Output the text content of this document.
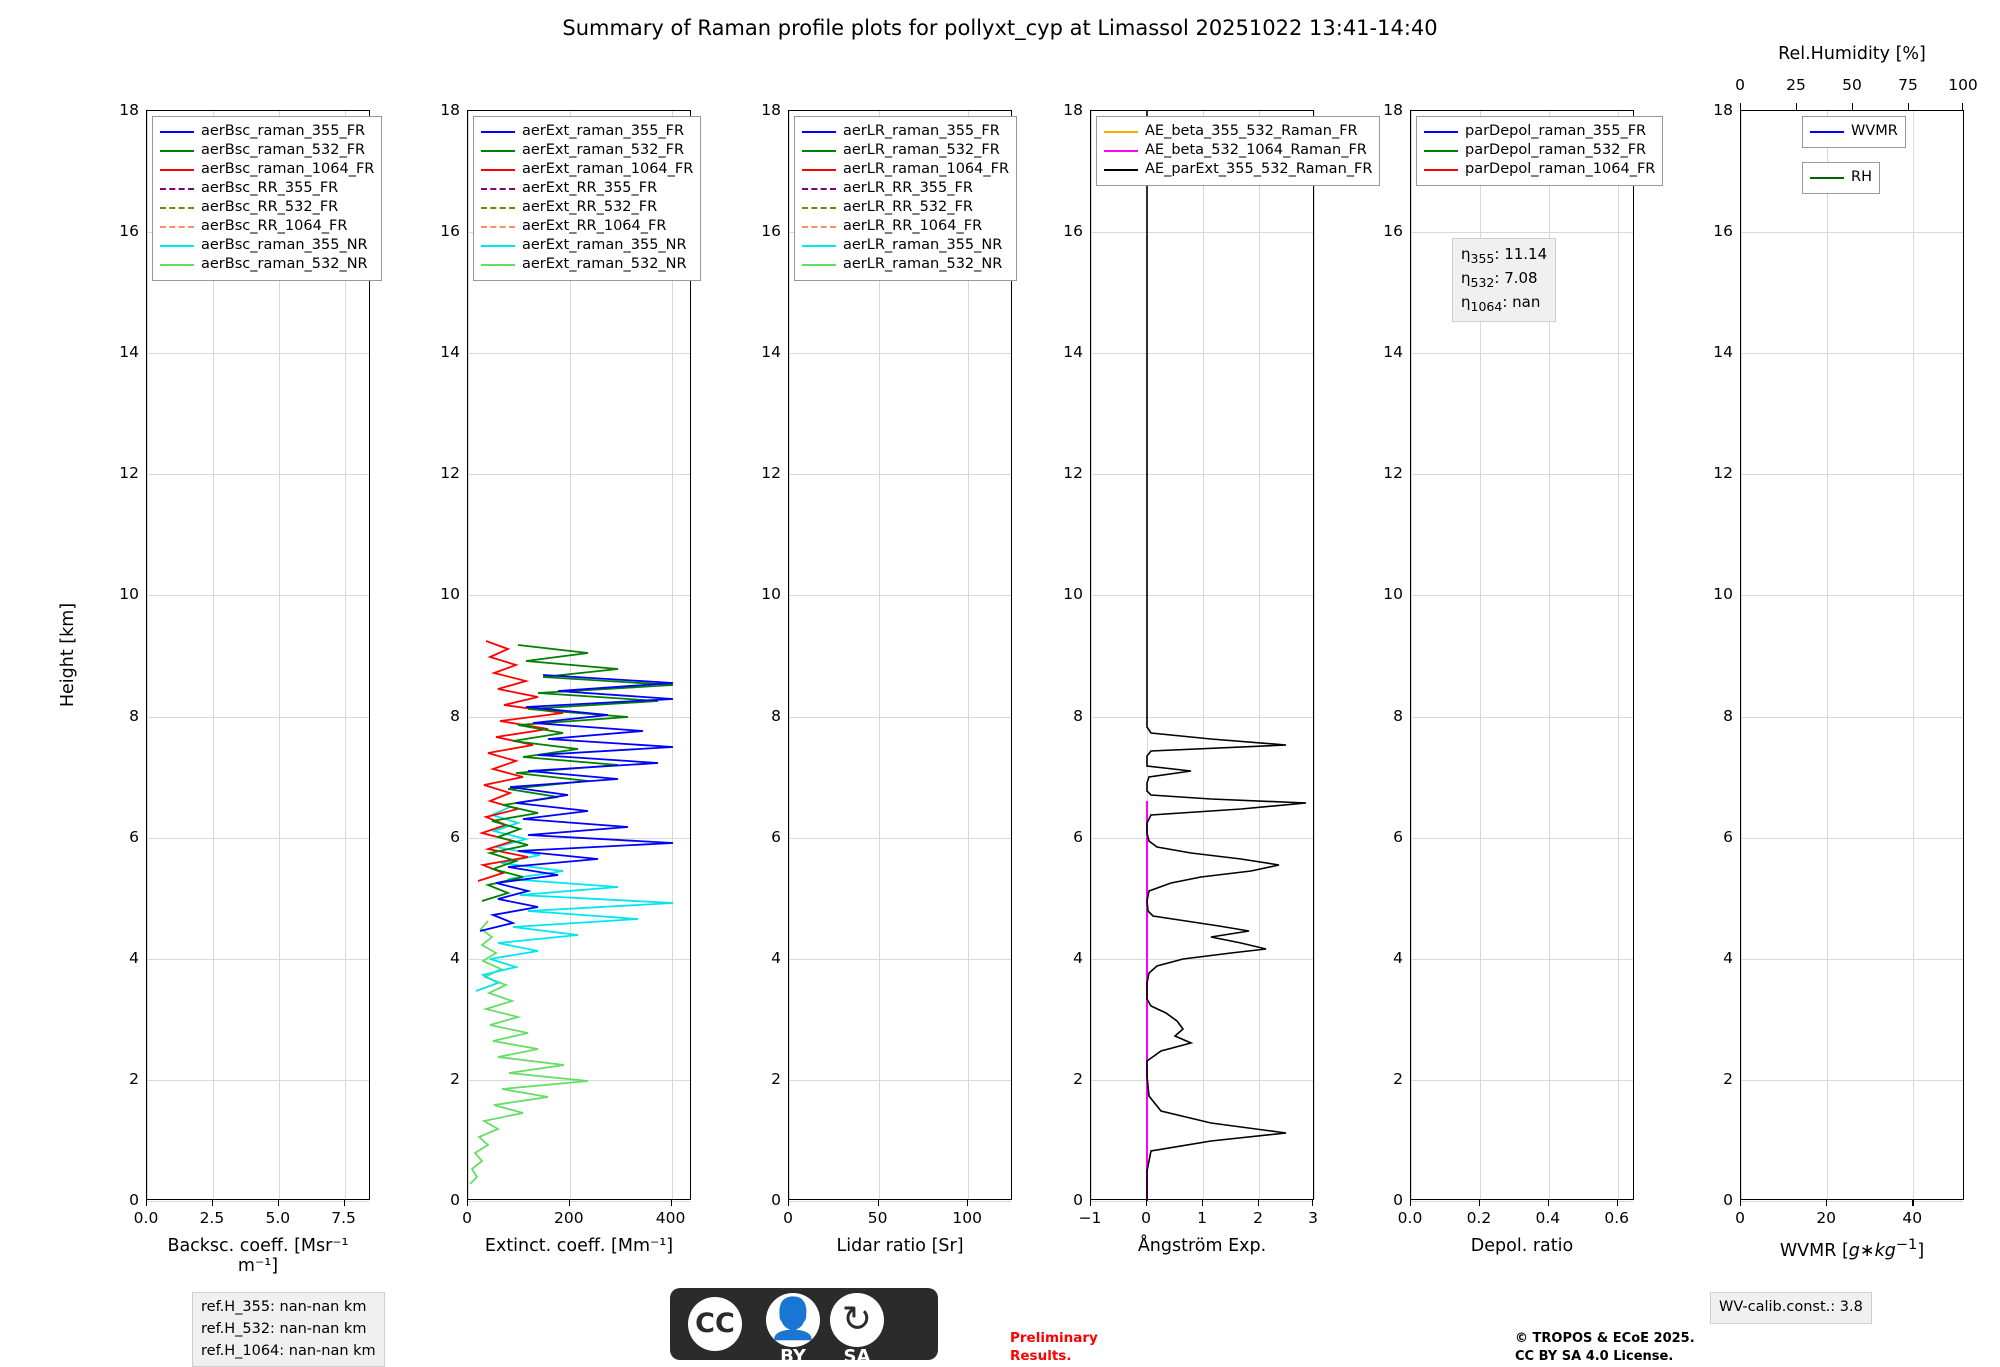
Summary of Raman profile plots for pollyxt_cyp at Limassol 20251022 13:41-14:40
Height [km]
0
2
4
6
8
10
12
14
16
18
0.0	2.5	5.0	7.5
Backsc. coeff. [Msr⁻¹ m⁻¹]
aerBsc_raman_355_FR
aerBsc_raman_532_FR
aerBsc_raman_1064_FR
aerBsc_RR_355_FR
aerBsc_RR_532_FR
aerBsc_RR_1064_FR
aerBsc_raman_355_NR
aerBsc_raman_532_NR
0
2
4
6
8
10
12
14
16
18
0	200	400
Extinct. coeff. [Mm⁻¹]
aerExt_raman_355_FR
aerExt_raman_532_FR
aerExt_raman_1064_FR
aerExt_RR_355_FR
aerExt_RR_532_FR
aerExt_RR_1064_FR
aerExt_raman_355_NR
aerExt_raman_532_NR
0
2
4
6
8
10
12
14
16
18
0	50	100
Lidar ratio [Sr]
aerLR_raman_355_FR
aerLR_raman_532_FR
aerLR_raman_1064_FR
aerLR_RR_355_FR
aerLR_RR_532_FR
aerLR_RR_1064_FR
aerLR_raman_355_NR
aerLR_raman_532_NR
0
2
4
6
8
10
12
14
16
18
−1	0	1	2	3
Ångström Exp.
AE_beta_355_532_Raman_FR
AE_beta_532_1064_Raman_FR
AE_parExt_355_532_Raman_FR
0
2
4
6
8
10
12
14
16
18
0.0	0.2	0.4	0.6
Depol. ratio
parDepol_raman_355_FR
parDepol_raman_532_FR
parDepol_raman_1064_FR
$\eta_{355}$: 11.14
$\eta_{532}$: 7.08
$\eta_{1064}$: nan
Rel.Humidity [%]
0	25 50 75 100
0
2
4
6
8
10
12
14
16
18
0	20	40
WVMR $[g∗kg^{-1}]$
WVMR
RH
ref.H_355: nan-nan km
ref.H_532: nan-nan km
ref.H_1064: nan-nan km
WV-calib.const.: 3.8
CC 👤
BY
↻
SA
Preliminary
Results.
© TROPOS & ECoE 2025.
CC BY SA 4.0 License.
